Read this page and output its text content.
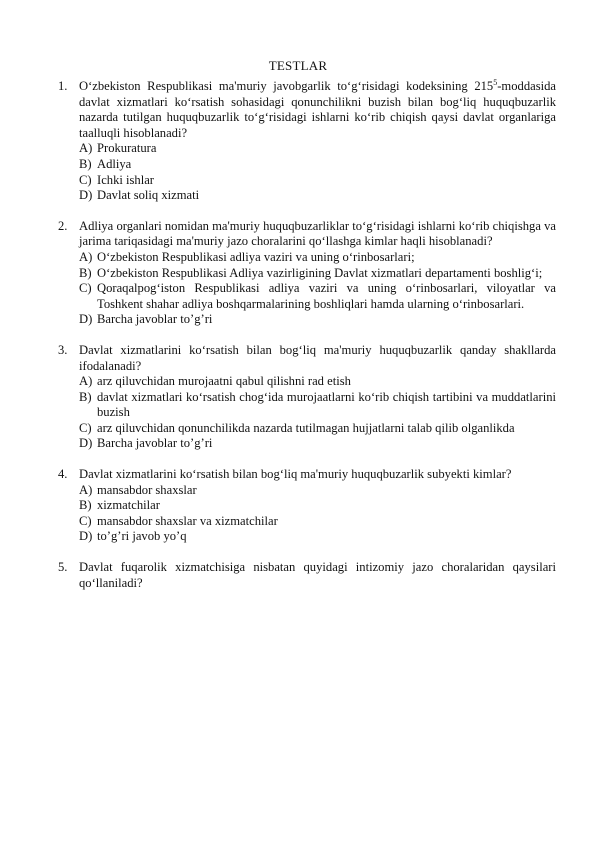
TESTLAR
1. O‘zbekiston Respublikasi ma'muriy javobgarlik to‘g‘risidagi kodeksining $215^5$-moddasida davlat xizmatlari ko‘rsatish sohasidagi qonunchilikni buzish bilan bog‘liq huquqbuzarlik nazarda tutilgan huquqbuzarlik to‘g‘risidagi ishlarni ko‘rib chiqish qaysi davlat organlariga taalluqli hisoblanadi?
A) Prokuratura
B) Adliya
C) Ichki ishlar
D) Davlat soliq xizmati
2. Adliya organlari nomidan ma'muriy huquqbuzarliklar to‘g‘risidagi ishlarni ko‘rib chiqishga va jarima tariqasidagi ma'muriy jazo choralarini qo‘llashga kimlar haqli hisoblanadi?
A) O‘zbekiston Respublikasi adliya vaziri va uning o‘rinbosarlari;
B) O‘zbekiston Respublikasi Adliya vazirligining Davlat xizmatlari departamenti boshlig‘i;
C) Qoraqalpog‘iston Respublikasi adliya vaziri va uning o‘rinbosarlari, viloyatlar va Toshkent shahar adliya boshqarmalarining boshliqlari hamda ularning o‘rinbosarlari.
D) Barcha javoblar to’g’ri
3. Davlat xizmatlarini ko‘rsatish bilan bog‘liq ma'muriy huquqbuzarlik qanday shakllarda ifodalanadi?
A) arz qiluvchidan murojaatni qabul qilishni rad etish
B) davlat xizmatlari ko‘rsatish chog‘ida murojaatlarni ko‘rib chiqish tartibini va muddatlarini buzish
C) arz qiluvchidan qonunchilikda nazarda tutilmagan hujjatlarni talab qilib olganlikda
D) Barcha javoblar to’g’ri
4. Davlat xizmatlarini ko‘rsatish bilan bog‘liq ma'muriy huquqbuzarlik subyekti kimlar?
A) mansabdor shaxslar
B) xizmatchilar
C) mansabdor shaxslar va xizmatchilar
D) to’g’ri javob yo’q
5. Davlat fuqarolik xizmatchisiga nisbatan quyidagi intizomiy jazo choralaridan qaysilari qo‘llaniladi?
